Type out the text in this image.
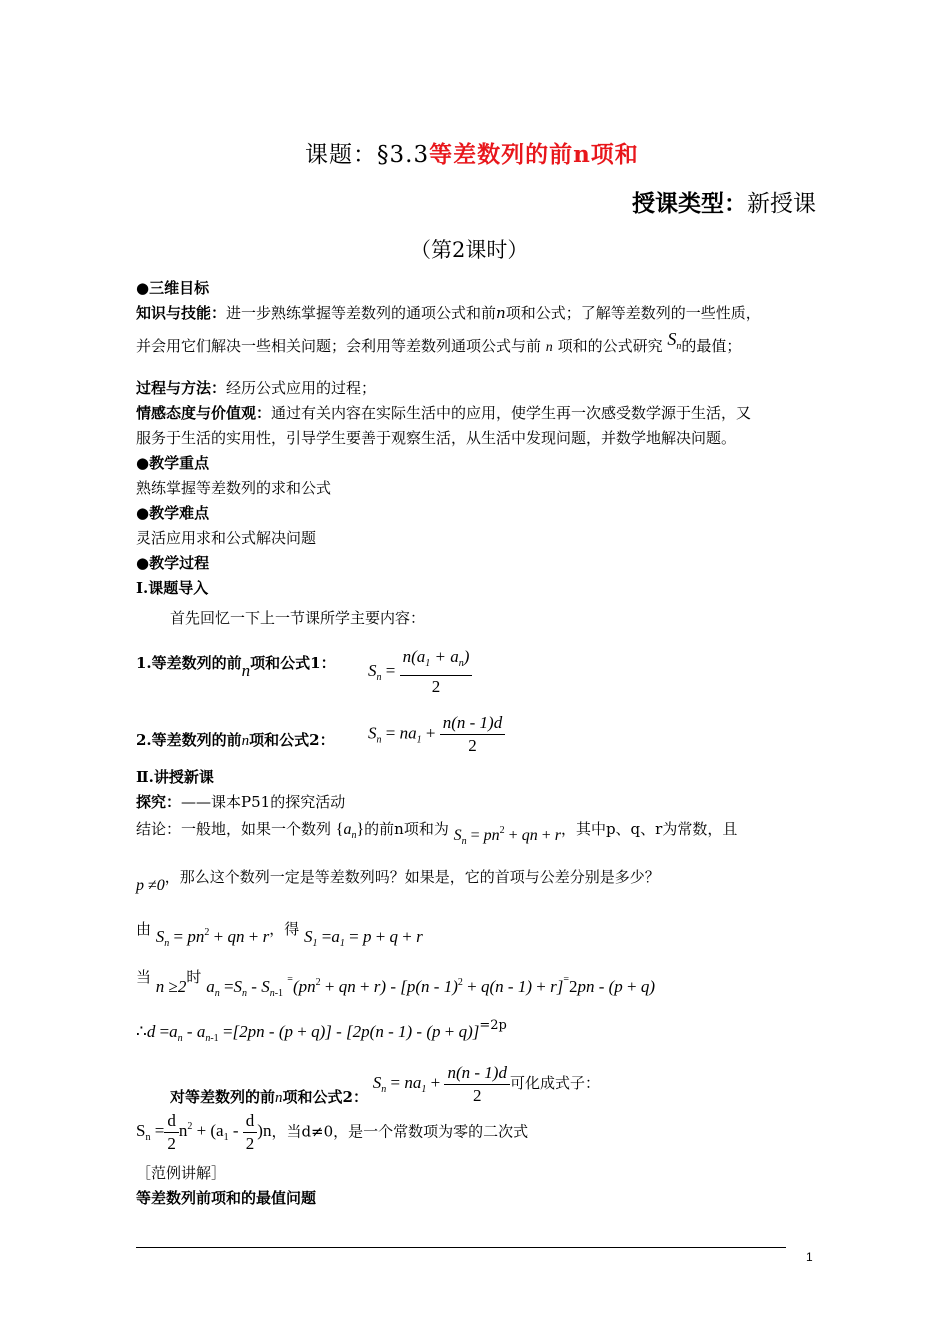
课题：§3.3等差数列的前n项和
授课类型：新授课
（第2课时）
●三维目标
知识与技能：进一步熟练掌握等差数列的通项公式和前n项和公式；了解等差数列的一些性质，
并会用它们解决一些相关问题；会利用等差数列通项公式与前 n 项和的公式研究 $S_n$的最值；
过程与方法：经历公式应用的过程；
情感态度与价值观：通过有关内容在实际生活中的应用，使学生再一次感受数学源于生活，又
服务于生活的实用性，引导学生要善于观察生活，从生活中发现问题，并数学地解决问题。
●教学重点
熟练掌握等差数列的求和公式
●教学难点
灵活应用求和公式解决问题
●教学过程
Ⅰ.课题导入
首先回忆一下上一节课所学主要内容：
1.等差数列的前n项和公式1： $S_n = \frac{n(a_1 + a_n)}{2}$
2.等差数列的前n项和公式2： $S_n = na_1 + \frac{n(n - 1)d}{2}$
Ⅱ.讲授新课
探究：——课本P51的探究活动
结论：一般地，如果一个数列 $\{a_n\}$的前n项和为 $S_n = pn^2$ + qn + r，其中p、q、r为常数，且
p ≠0，那么这个数列一定是等差数列吗？如果是，它的首项与公差分别是多少？
由 $S_n = pn^2$ + qn + r，得 $S_1 =a_1 = p + q + r$
当 n ≥2时 $a_n =S_n - S_{n-1}$ $^=(pn^2$ + qn + r) - [p(n - 1)$^2$ + q(n - 1) + r]=2pn - (p + q)
∴d $=a_n - a_{n-1} =[2pn - (p + q)] - [2p(n - 1) - (p + q)]=2p$
对等差数列的前n项和公式2： $S_n = na_1 + \frac{n(n - 1)d}{2}$ 可化成式子：
$S_n = \frac{d}{2} n^2 + (a_1 - \frac{d}{2} )n$，当d≠0，是一个常数项为零的二次式
［范例讲解］
等差数列前项和的最值问题
1
